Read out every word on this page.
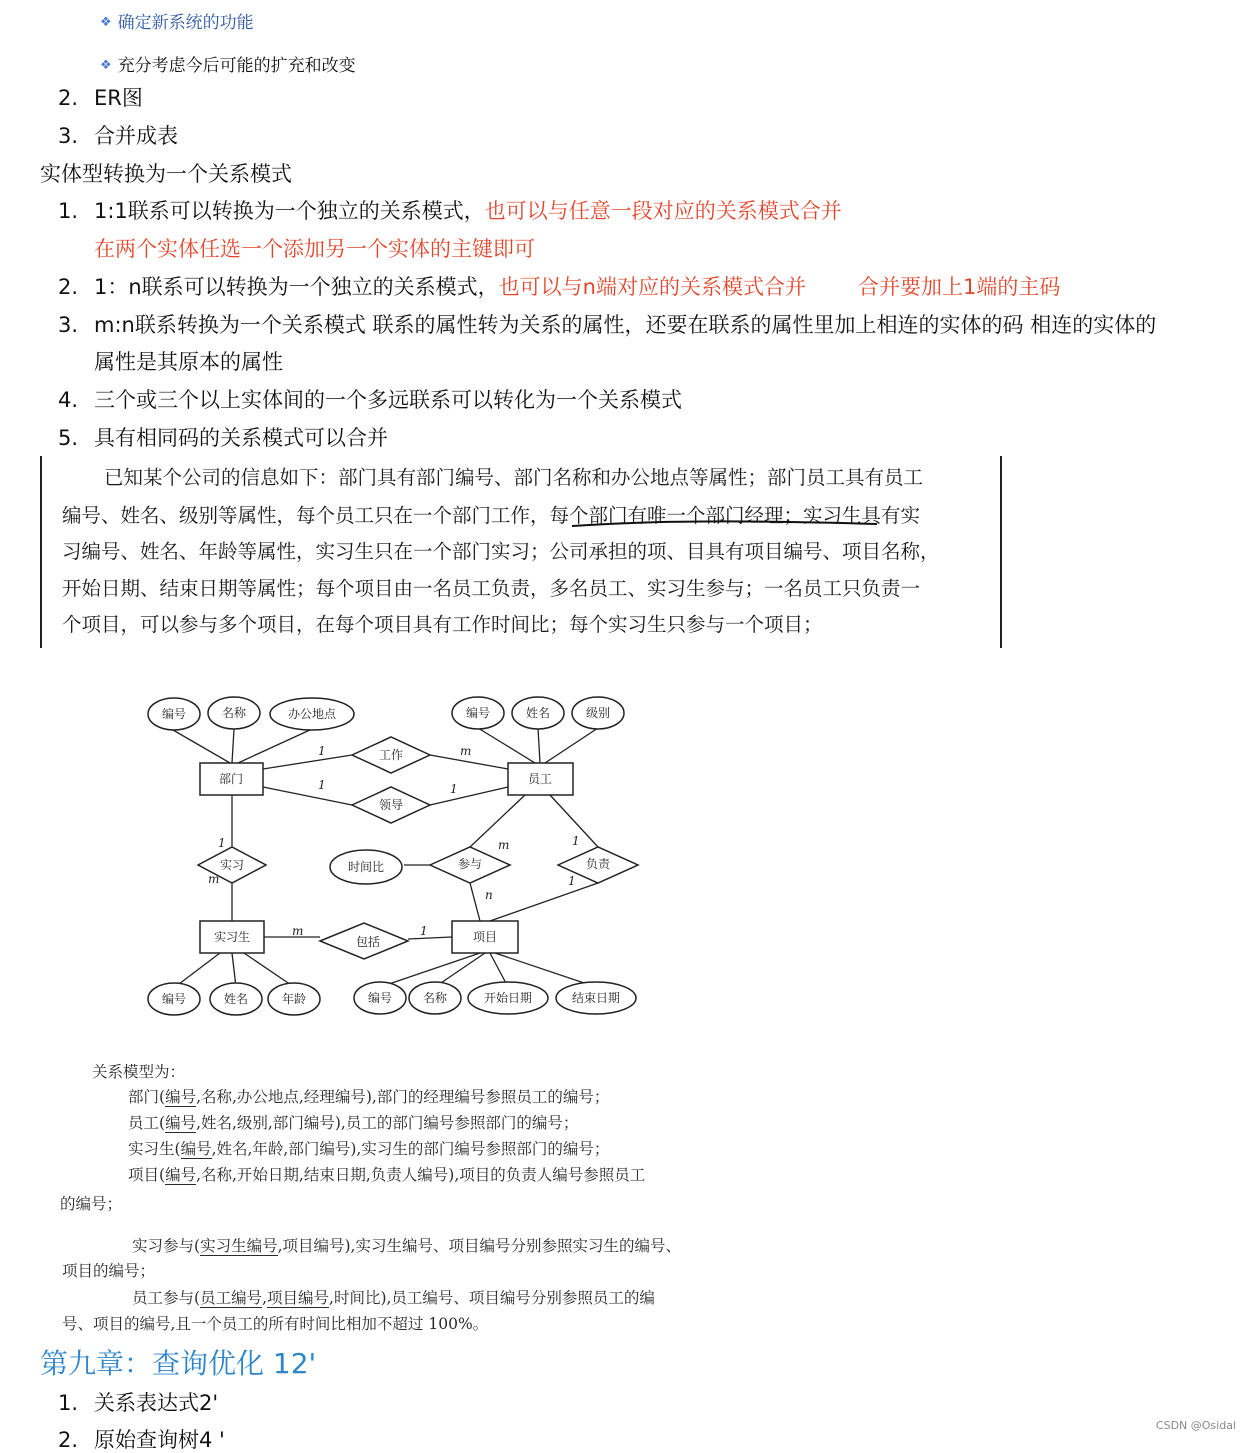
❖ 确定新系统的功能
❖ 充分考虑今后可能的扩充和改变
2. ER图
3. 合并成表
实体型转换为一个关系模式
1. 1:1联系可以转换为一个独立的关系模式，也可以与任意一段对应的关系模式合并
在两个实体任选一个添加另一个实体的主键即可
2. 1：n联系可以转换为一个独立的关系模式，也可以与n端对应的关系模式合并 合并要加上1端的主码
3. m:n联系转换为一个关系模式 联系的属性转为关系的属性，还要在联系的属性里加上相连的实体的码 相连的实体的
属性是其原本的属性
4. 三个或三个以上实体间的一个多远联系可以转化为一个关系模式
5. 具有相同码的关系模式可以合并
已知某个公司的信息如下：部门具有部门编号、部门名称和办公地点等属性；部门员工具有员工
编号、姓名、级别等属性，每个员工只在一个部门工作，每个部门有唯一个部门经理；实习生具有实
习编号、姓名、年龄等属性，实习生只在一个部门实习；公司承担的项、目具有项目编号、项目名称，
开始日期、结束日期等属性；每个项目由一名员工负责，多名员工、实习生参与；一名员工只负责一
个项目，可以参与多个项目，在每个项目具有工作时间比；每个实习生只参与一个项目；
部门	员工
实习生	项目
工作
领导
实习	参与	负责
包括
编号	名称	办公地点	编号	姓名	级别
时间比
编号	姓名	年龄	编号	名称	开始日期	结束日期
1	m
1	1
1
m
m
n
1
1
m	1
关系模型为：
部门(编号,名称,办公地点,经理编号),部门的经理编号参照员工的编号；
员工(编号,姓名,级别,部门编号),员工的部门编号参照部门的编号；
实习生(编号,姓名,年龄,部门编号),实习生的部门编号参照部门的编号；
项目(编号,名称,开始日期,结束日期,负责人编号),项目的负责人编号参照员工
的编号；
实习参与(实习生编号,项目编号),实习生编号、项目编号分别参照实习生的编号、
项目的编号；
员工参与(员工编号,项目编号,时间比),员工编号、项目编号分别参照员工的编
号、项目的编号,且一个员工的所有时间比相加不超过 100%。
第九章：查询优化 12'
1. 关系表达式2'
2. 原始查询树4 '
CSDN @Osidal
